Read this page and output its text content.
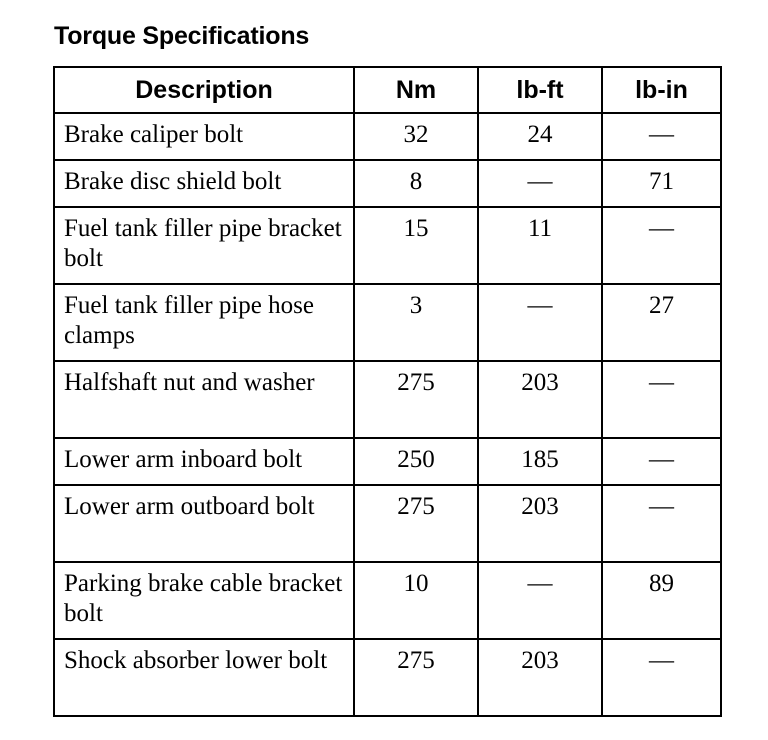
Torque Specifications
Description	Nm	lb-ft	lb-in
Brake caliper bolt	32	24	—
Brake disc shield bolt	8	—	71
Fuel tank filler pipe bracket bolt	15	11	—
Fuel tank filler pipe hose clamps	3	—	27
Halfshaft nut and washer	275	203	—
Lower arm inboard bolt	250	185	—
Lower arm outboard bolt	275	203	—
Parking brake cable bracket bolt	10	—	89
Shock absorber lower bolt	275	203	—
